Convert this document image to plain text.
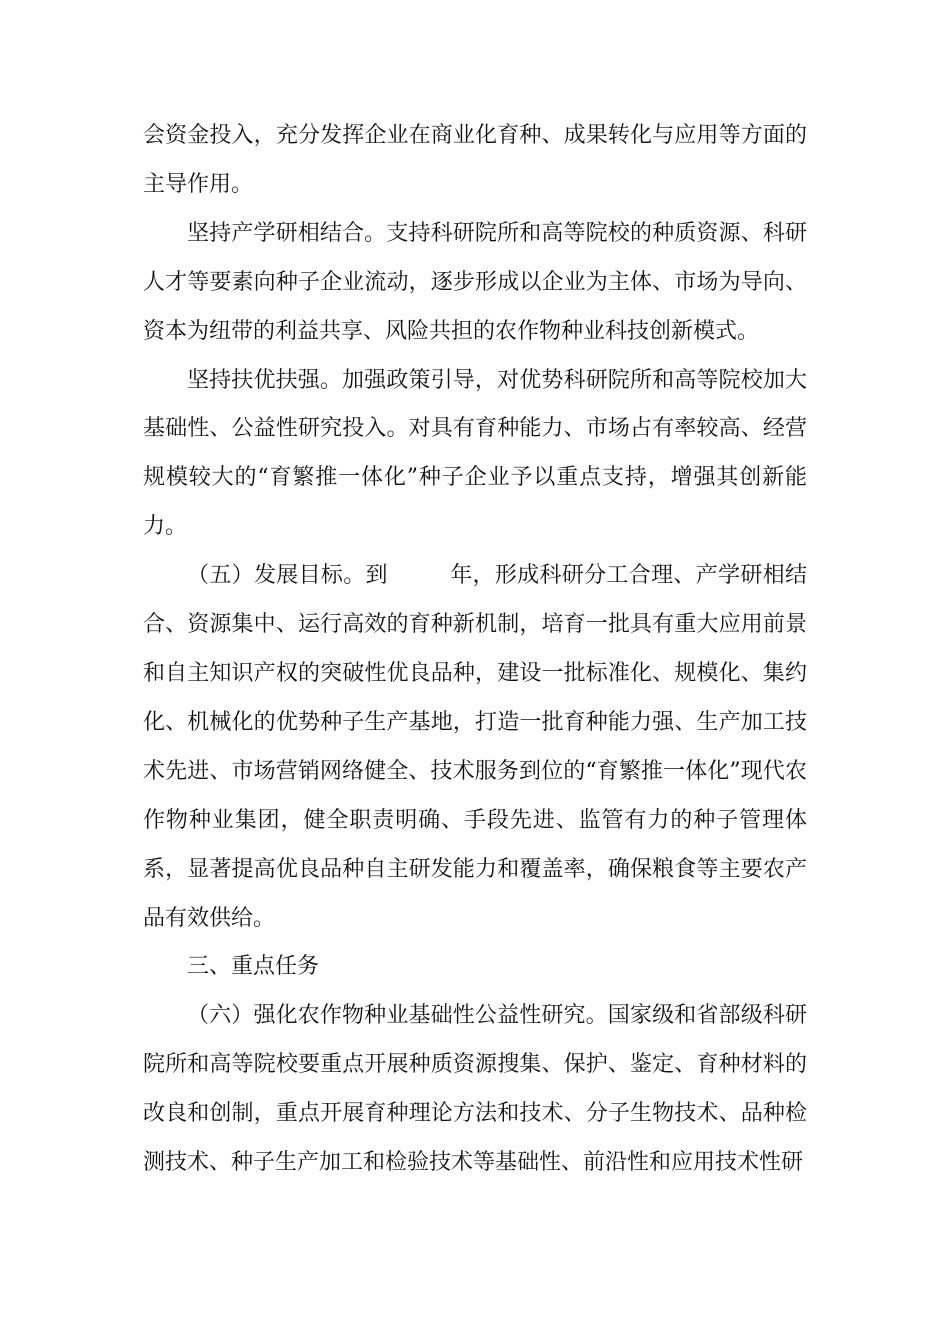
会资金投入，充分发挥企业在商业化育种、成果转化与应用等方面的主导作用。

坚持产学研相结合。支持科研院所和高等院校的种质资源、科研人才等要素向种子企业流动，逐步形成以企业为主体、市场为导向、资本为纽带的利益共享、风险共担的农作物种业科技创新模式。

坚持扶优扶强。加强政策引导，对优势科研院所和高等院校加大基础性、公益性研究投入。对具有育种能力、市场占有率较高、经营规模较大的“育繁推一体化”种子企业予以重点支持，增强其创新能力。

（五）发展目标。到	年，形成科研分工合理、产学研相结合、资源集中、运行高效的育种新机制，培育一批具有重大应用前景和自主知识产权的突破性优良品种，建设一批标准化、规模化、集约化、机械化的优势种子生产基地，打造一批育种能力强、生产加工技术先进、市场营销网络健全、技术服务到位的“育繁推一体化”现代农作物种业集团，健全职责明确、手段先进、监管有力的种子管理体系，显著提高优良品种自主研发能力和覆盖率，确保粮食等主要农产品有效供给。

三、重点任务

（六）强化农作物种业基础性公益性研究。国家级和省部级科研院所和高等院校要重点开展种质资源搜集、保护、鉴定、育种材料的改良和创制，重点开展育种理论方法和技术、分子生物技术、品种检测技术、种子生产加工和检验技术等基础性、前沿性和应用技术性研
